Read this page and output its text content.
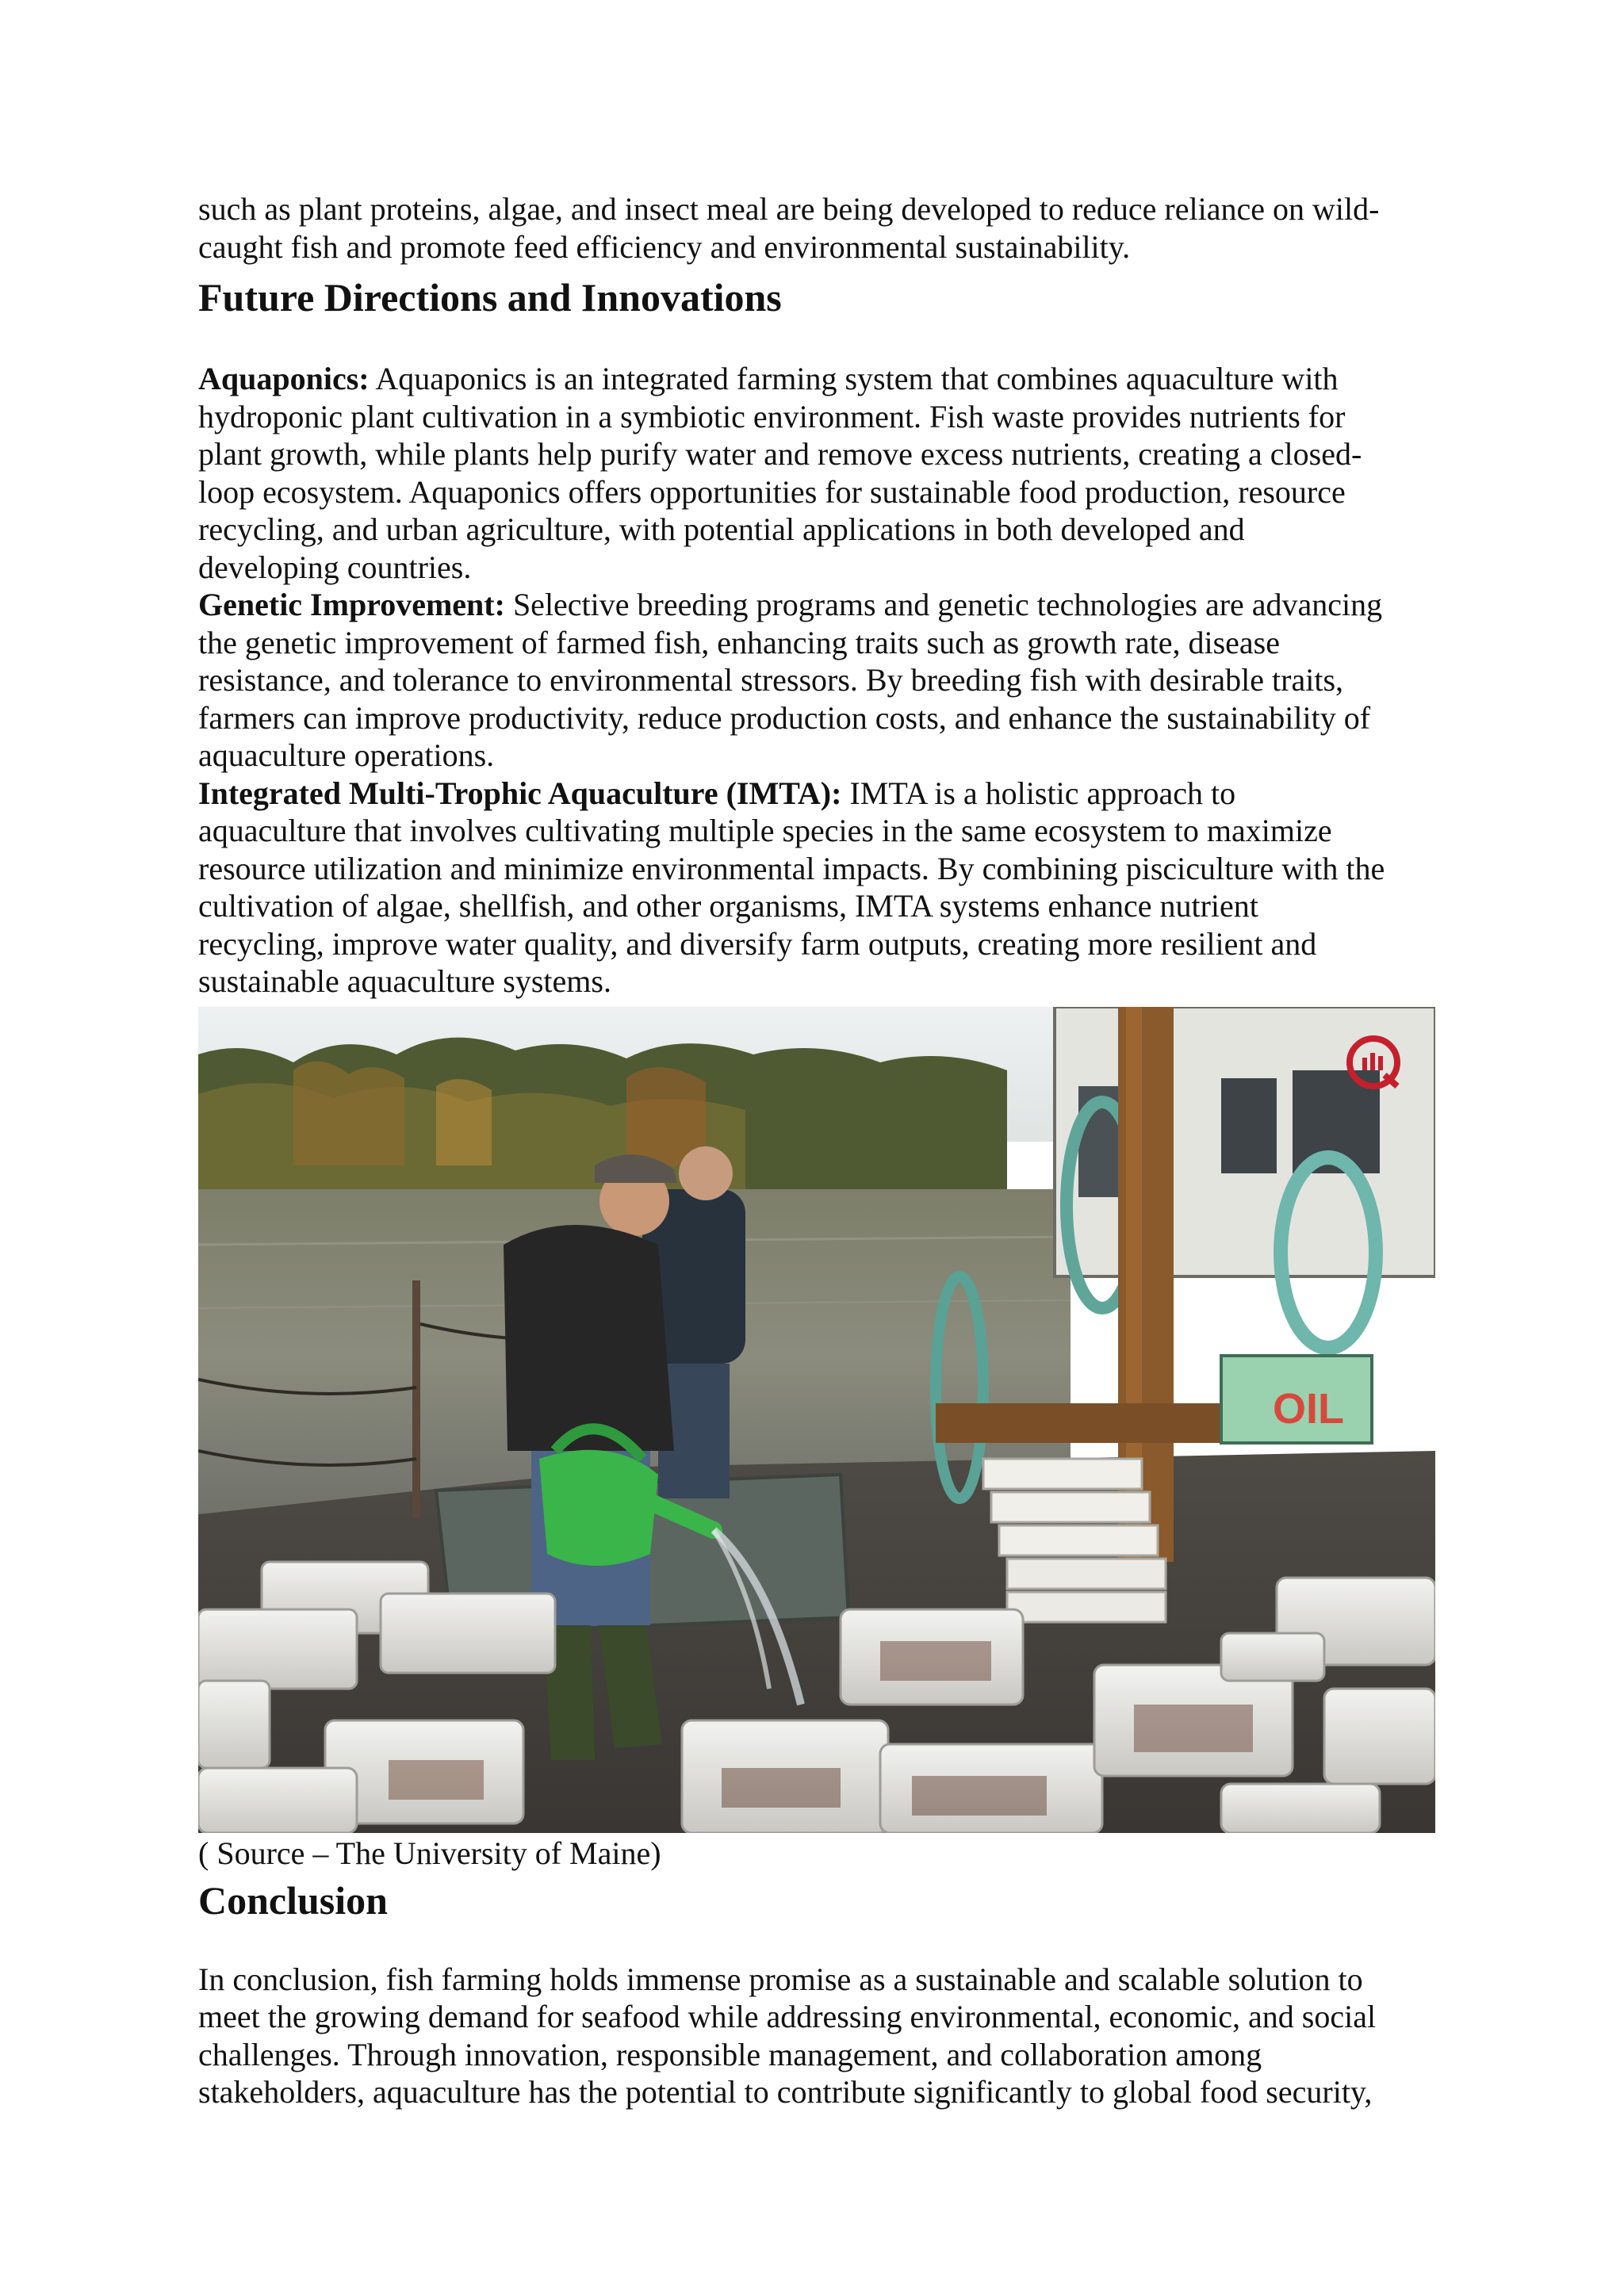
such as plant proteins, algae, and insect meal are being developed to reduce reliance on wild-
caught fish and promote feed efficiency and environmental sustainability.

Future Directions and Innovations

Aquaponics: Aquaponics is an integrated farming system that combines aquaculture with
hydroponic plant cultivation in a symbiotic environment. Fish waste provides nutrients for
plant growth, while plants help purify water and remove excess nutrients, creating a closed-
loop ecosystem. Aquaponics offers opportunities for sustainable food production, resource
recycling, and urban agriculture, with potential applications in both developed and
developing countries.

Genetic Improvement: Selective breeding programs and genetic technologies are advancing
the genetic improvement of farmed fish, enhancing traits such as growth rate, disease
resistance, and tolerance to environmental stressors. By breeding fish with desirable traits,
farmers can improve productivity, reduce production costs, and enhance the sustainability of
aquaculture operations.

Integrated Multi-Trophic Aquaculture (IMTA): IMTA is a holistic approach to
aquaculture that involves cultivating multiple species in the same ecosystem to maximize
resource utilization and minimize environmental impacts. By combining pisciculture with the
cultivation of algae, shellfish, and other organisms, IMTA systems enhance nutrient
recycling, improve water quality, and diversify farm outputs, creating more resilient and
sustainable aquaculture systems.

OIL

( Source – The University of Maine)

Conclusion

In conclusion, fish farming holds immense promise as a sustainable and scalable solution to
meet the growing demand for seafood while addressing environmental, economic, and social
challenges. Through innovation, responsible management, and collaboration among
stakeholders, aquaculture has the potential to contribute significantly to global food security,
